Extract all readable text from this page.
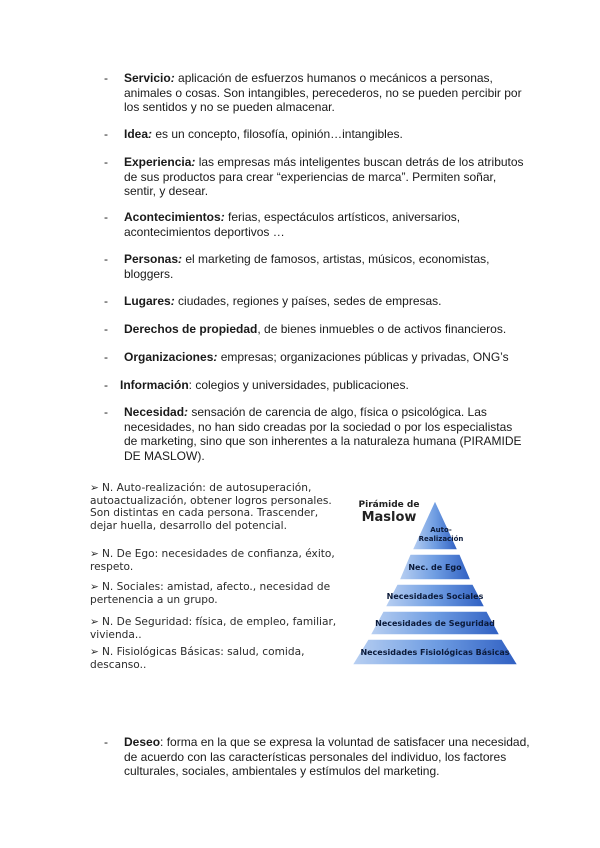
- Servicio: aplicación de esfuerzos humanos o mecánicos a personas, animales o cosas. Son intangibles, perecederos, no se pueden percibir por los sentidos y no se pueden almacenar.
- Idea: es un concepto, filosofía, opinión…intangibles.
- Experiencia: las empresas más inteligentes buscan detrás de los atributos de sus productos para crear “experiencias de marca”. Permiten soñar, sentir, y desear.
- Acontecimientos: ferias, espectáculos artísticos, aniversarios, acontecimientos deportivos …
- Personas: el marketing de famosos, artistas, músicos, economistas, bloggers.
- Lugares: ciudades, regiones y países, sedes de empresas.
- Derechos de propiedad, de bienes inmuebles o de activos financieros.
- Organizaciones: empresas; organizaciones públicas y privadas, ONG’s
- Información: colegios y universidades, publicaciones.
- Necesidad: sensación de carencia de algo, física o psicológica. Las necesidades, no han sido creadas por la sociedad o por los especialistas de marketing, sino que son inherentes a la naturaleza humana (PIRAMIDE DE MASLOW).
➢ N. Auto-realización: de autosuperación, autoactualización, obtener logros personales. Son distintas en cada persona. Trascender, dejar huella, desarrollo del potencial.
➢ N. De Ego: necesidades de confianza, éxito, respeto.
➢ N. Sociales: amistad, afecto., necesidad de pertenencia a un grupo.
➢ N. De Seguridad: física, de empleo, familiar, vivienda..
➢ N. Fisiológicas Básicas: salud, comida, descanso..
Pirámide de
Maslow
Auto-
Realización
Nec. de Ego
Necesidades Sociales
Necesidades de Seguridad
Necesidades Fisiológicas Básicas
- Deseo: forma en la que se expresa la voluntad de satisfacer una necesidad, de acuerdo con las características personales del individuo, los factores culturales, sociales, ambientales y estímulos del marketing.
